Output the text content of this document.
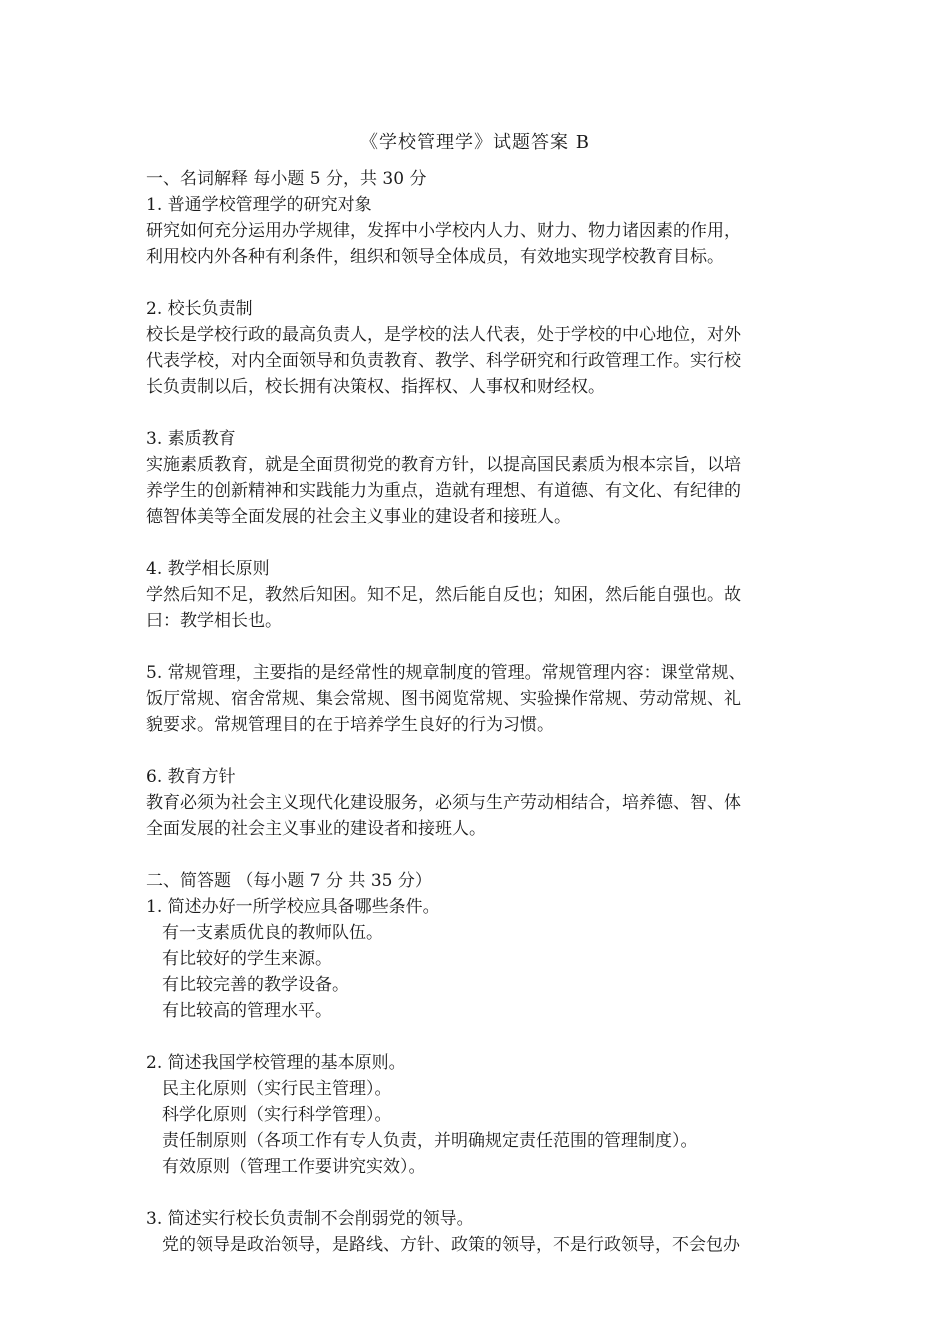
《学校管理学》试题答案 B

一、名词解释 每小题 5 分，共 30 分

1. 普通学校管理学的研究对象

研究如何充分运用办学规律，发挥中小学校内人力、财力、物力诸因素的作用，

利用校内外各种有利条件，组织和领导全体成员，有效地实现学校教育目标。

2. 校长负责制

校长是学校行政的最高负责人，是学校的法人代表，处于学校的中心地位，对外

代表学校，对内全面领导和负责教育、教学、科学研究和行政管理工作。实行校

长负责制以后，校长拥有决策权、指挥权、人事权和财经权。

3. 素质教育

实施素质教育，就是全面贯彻党的教育方针，以提高国民素质为根本宗旨，以培

养学生的创新精神和实践能力为重点，造就有理想、有道德、有文化、有纪律的

德智体美等全面发展的社会主义事业的建设者和接班人。

4. 教学相长原则

学然后知不足，教然后知困。知不足，然后能自反也；知困，然后能自强也。故

曰：教学相长也。

5. 常规管理，主要指的是经常性的规章制度的管理。常规管理内容：课堂常规、

饭厅常规、宿舍常规、集会常规、图书阅览常规、实验操作常规、劳动常规、礼

貌要求。常规管理目的在于培养学生良好的行为习惯。

6. 教育方针

教育必须为社会主义现代化建设服务，必须与生产劳动相结合，培养德、智、体

全面发展的社会主义事业的建设者和接班人。

二、简答题 （每小题 7 分 共 35 分）

1. 简述办好一所学校应具备哪些条件。

有一支素质优良的教师队伍。

有比较好的学生来源。

有比较完善的教学设备。

有比较高的管理水平。

2. 简述我国学校管理的基本原则。

民主化原则（实行民主管理）。

科学化原则（实行科学管理）。

责任制原则（各项工作有专人负责，并明确规定责任范围的管理制度）。

有效原则（管理工作要讲究实效）。

3. 简述实行校长负责制不会削弱党的领导。

党的领导是政治领导，是路线、方针、政策的领导，不是行政领导，不会包办
